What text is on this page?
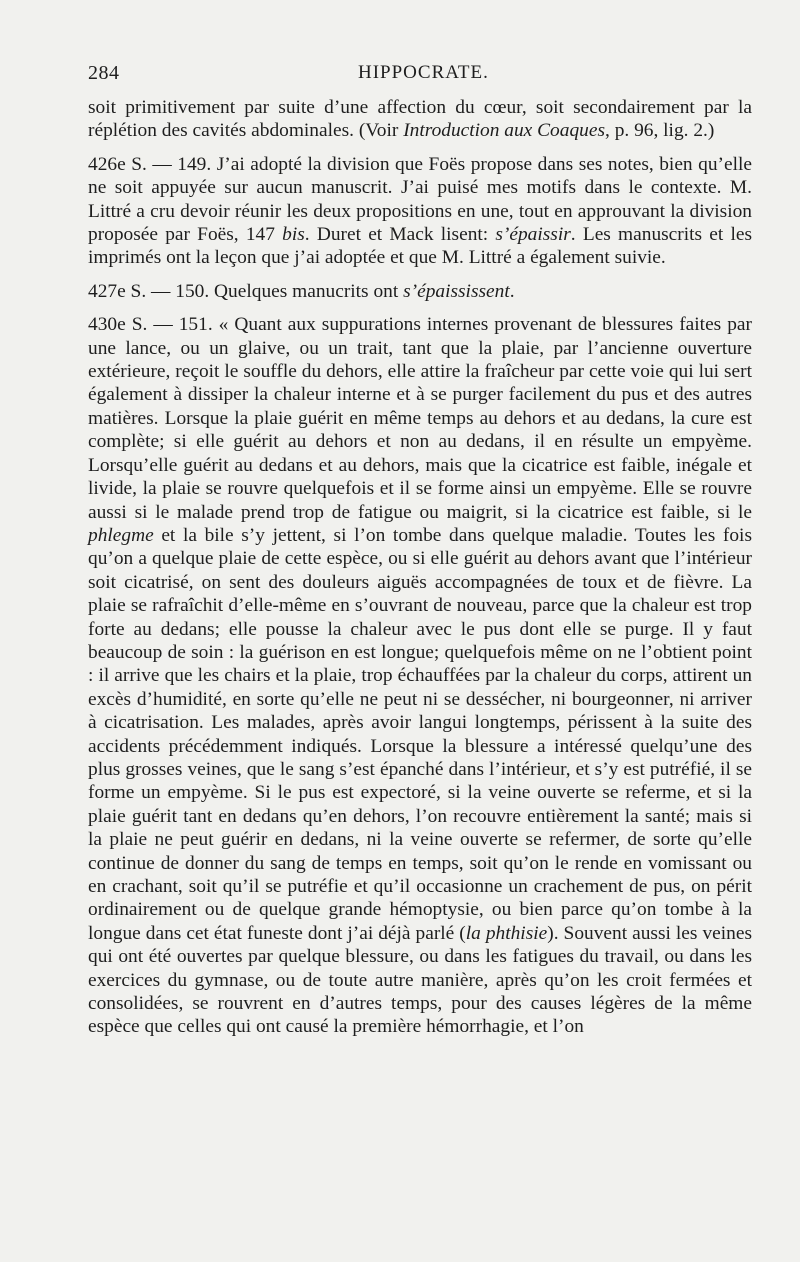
284	HIPPOCRATE.

soit primitivement par suite d’une affection du cœur, soit secondairement par la réplétion des cavités abdominales. (Voir Introduction aux Coaques, p. 96, lig. 2.)

426e S. — 149. J’ai adopté la division que Foës propose dans ses notes, bien qu’elle ne soit appuyée sur aucun manuscrit. J’ai puisé mes motifs dans le contexte. M. Littré a cru devoir réunir les deux propositions en une, tout en approuvant la division proposée par Foës, 147 bis. Duret et Mack lisent: s’épaissir. Les manuscrits et les imprimés ont la leçon que j’ai adoptée et que M. Littré a également suivie.

427e S. — 150. Quelques manucrits ont s’épaississent.

430e S. — 151. « Quant aux suppurations internes provenant de blessures faites par une lance, ou un glaive, ou un trait, tant que la plaie, par l’ancienne ouverture extérieure, reçoit le souffle du dehors, elle attire la fraîcheur par cette voie qui lui sert également à dissiper la chaleur interne et à se purger facilement du pus et des autres matières. Lorsque la plaie guérit en même temps au dehors et au dedans, la cure est complète; si elle guérit au dehors et non au dedans, il en résulte un empyème. Lorsqu’elle guérit au dedans et au dehors, mais que la cicatrice est faible, inégale et livide, la plaie se rouvre quelquefois et il se forme ainsi un empyème. Elle se rouvre aussi si le malade prend trop de fatigue ou maigrit, si la cicatrice est faible, si le phlegme et la bile s’y jettent, si l’on tombe dans quelque maladie. Toutes les fois qu’on a quelque plaie de cette espèce, ou si elle guérit au dehors avant que l’intérieur soit cicatrisé, on sent des douleurs aiguës accompagnées de toux et de fièvre. La plaie se rafraîchit d’elle-même en s’ouvrant de nouveau, parce que la chaleur est trop forte au dedans; elle pousse la chaleur avec le pus dont elle se purge. Il y faut beaucoup de soin : la guérison en est longue; quelquefois même on ne l’obtient point : il arrive que les chairs et la plaie, trop échauffées par la chaleur du corps, attirent un excès d’humidité, en sorte qu’elle ne peut ni se dessécher, ni bourgeonner, ni arriver à cicatrisation. Les malades, après avoir langui longtemps, périssent à la suite des accidents précédemment indiqués. Lorsque la blessure a intéressé quelqu’une des plus grosses veines, que le sang s’est épanché dans l’intérieur, et s’y est putréfié, il se forme un empyème. Si le pus est expectoré, si la veine ouverte se referme, et si la plaie guérit tant en dedans qu’en dehors, l’on recouvre entièrement la santé; mais si la plaie ne peut guérir en dedans, ni la veine ouverte se refermer, de sorte qu’elle continue de donner du sang de temps en temps, soit qu’on le rende en vomissant ou en crachant, soit qu’il se putréfie et qu’il occasionne un crachement de pus, on périt ordinairement ou de quelque grande hémoptysie, ou bien parce qu’on tombe à la longue dans cet état funeste dont j’ai déjà parlé (la phthisie). Souvent aussi les veines qui ont été ouvertes par quelque blessure, ou dans les fatigues du travail, ou dans les exercices du gymnase, ou de toute autre manière, après qu’on les croit fermées et consolidées, se rouvrent en d’autres temps, pour des causes légères de la même espèce que celles qui ont causé la première hémorrhagie, et l’on
